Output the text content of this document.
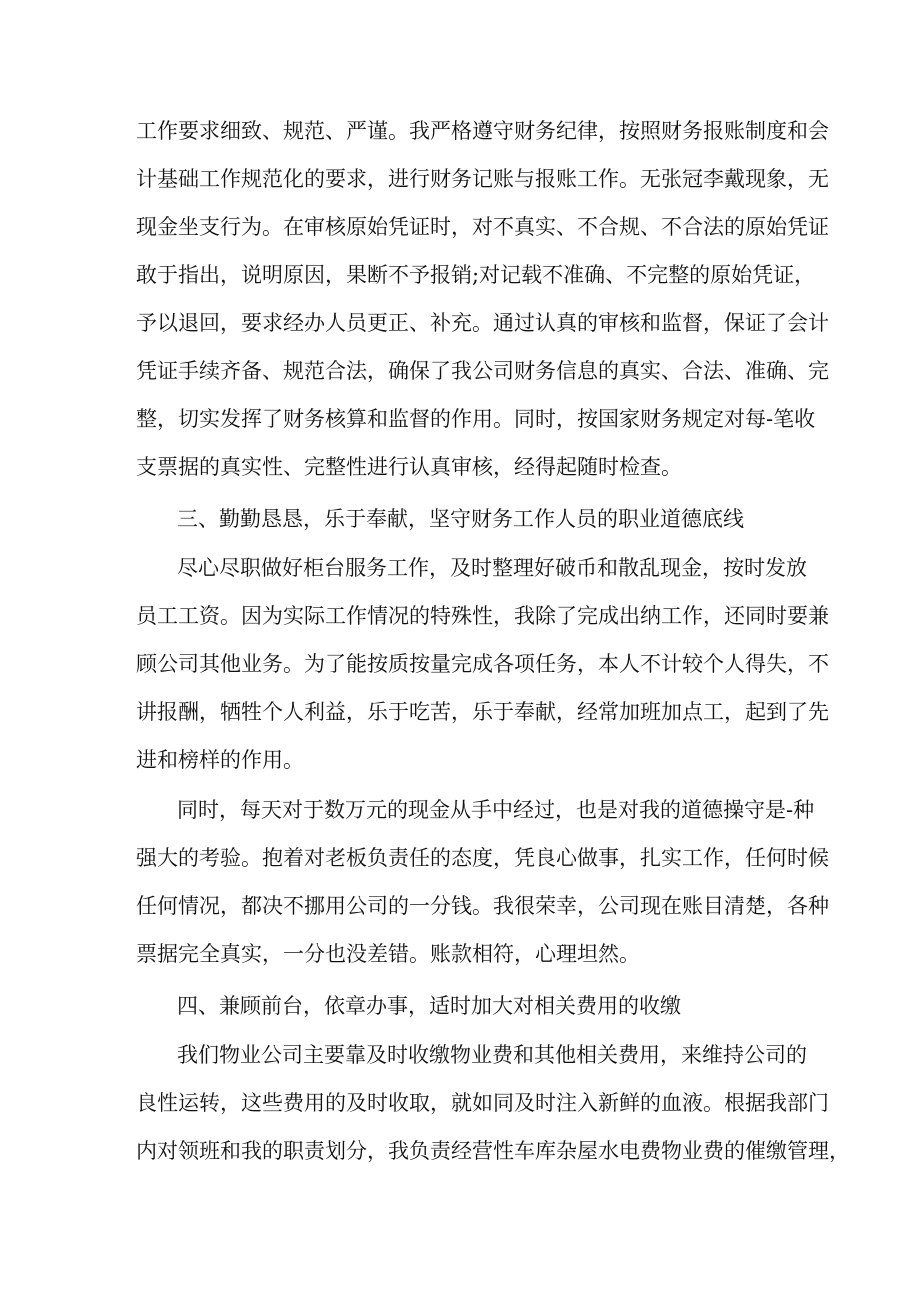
工作要求细致、规范、严谨。我严格遵守财务纪律，按照财务报账制度和会
计基础工作规范化的要求，进行财务记账与报账工作。无张冠李戴现象，无
现金坐支行为。在审核原始凭证时，对不真实、不合规、不合法的原始凭证
敢于指出，说明原因，果断不予报销;对记载不准确、不完整的原始凭证，
予以退回，要求经办人员更正、补充。通过认真的审核和监督，保证了会计
凭证手续齐备、规范合法，确保了我公司财务信息的真实、合法、准确、完
整，切实发挥了财务核算和监督的作用。同时，按国家财务规定对每-笔收
支票据的真实性、完整性进行认真审核，经得起随时检查。
三、勤勤恳恳，乐于奉献，坚守财务工作人员的职业道德底线
尽心尽职做好柜台服务工作，及时整理好破币和散乱现金，按时发放
员工工资。因为实际工作情况的特殊性，我除了完成出纳工作，还同时要兼
顾公司其他业务。为了能按质按量完成各项任务，本人不计较个人得失，不
讲报酬，牺牲个人利益，乐于吃苦，乐于奉献，经常加班加点工，起到了先
进和榜样的作用。
同时，每天对于数万元的现金从手中经过，也是对我的道德操守是-种
强大的考验。抱着对老板负责任的态度，凭良心做事，扎实工作，任何时候
任何情况，都决不挪用公司的一分钱。我很荣幸，公司现在账目清楚，各种
票据完全真实，一分也没差错。账款相符，心理坦然。
四、兼顾前台，依章办事，适时加大对相关费用的收缴
我们物业公司主要靠及时收缴物业费和其他相关费用，来维持公司的
良性运转，这些费用的及时收取，就如同及时注入新鲜的血液。根据我部门
内对领班和我的职责划分，我负责经营性车库杂屋水电费物业费的催缴管理，
